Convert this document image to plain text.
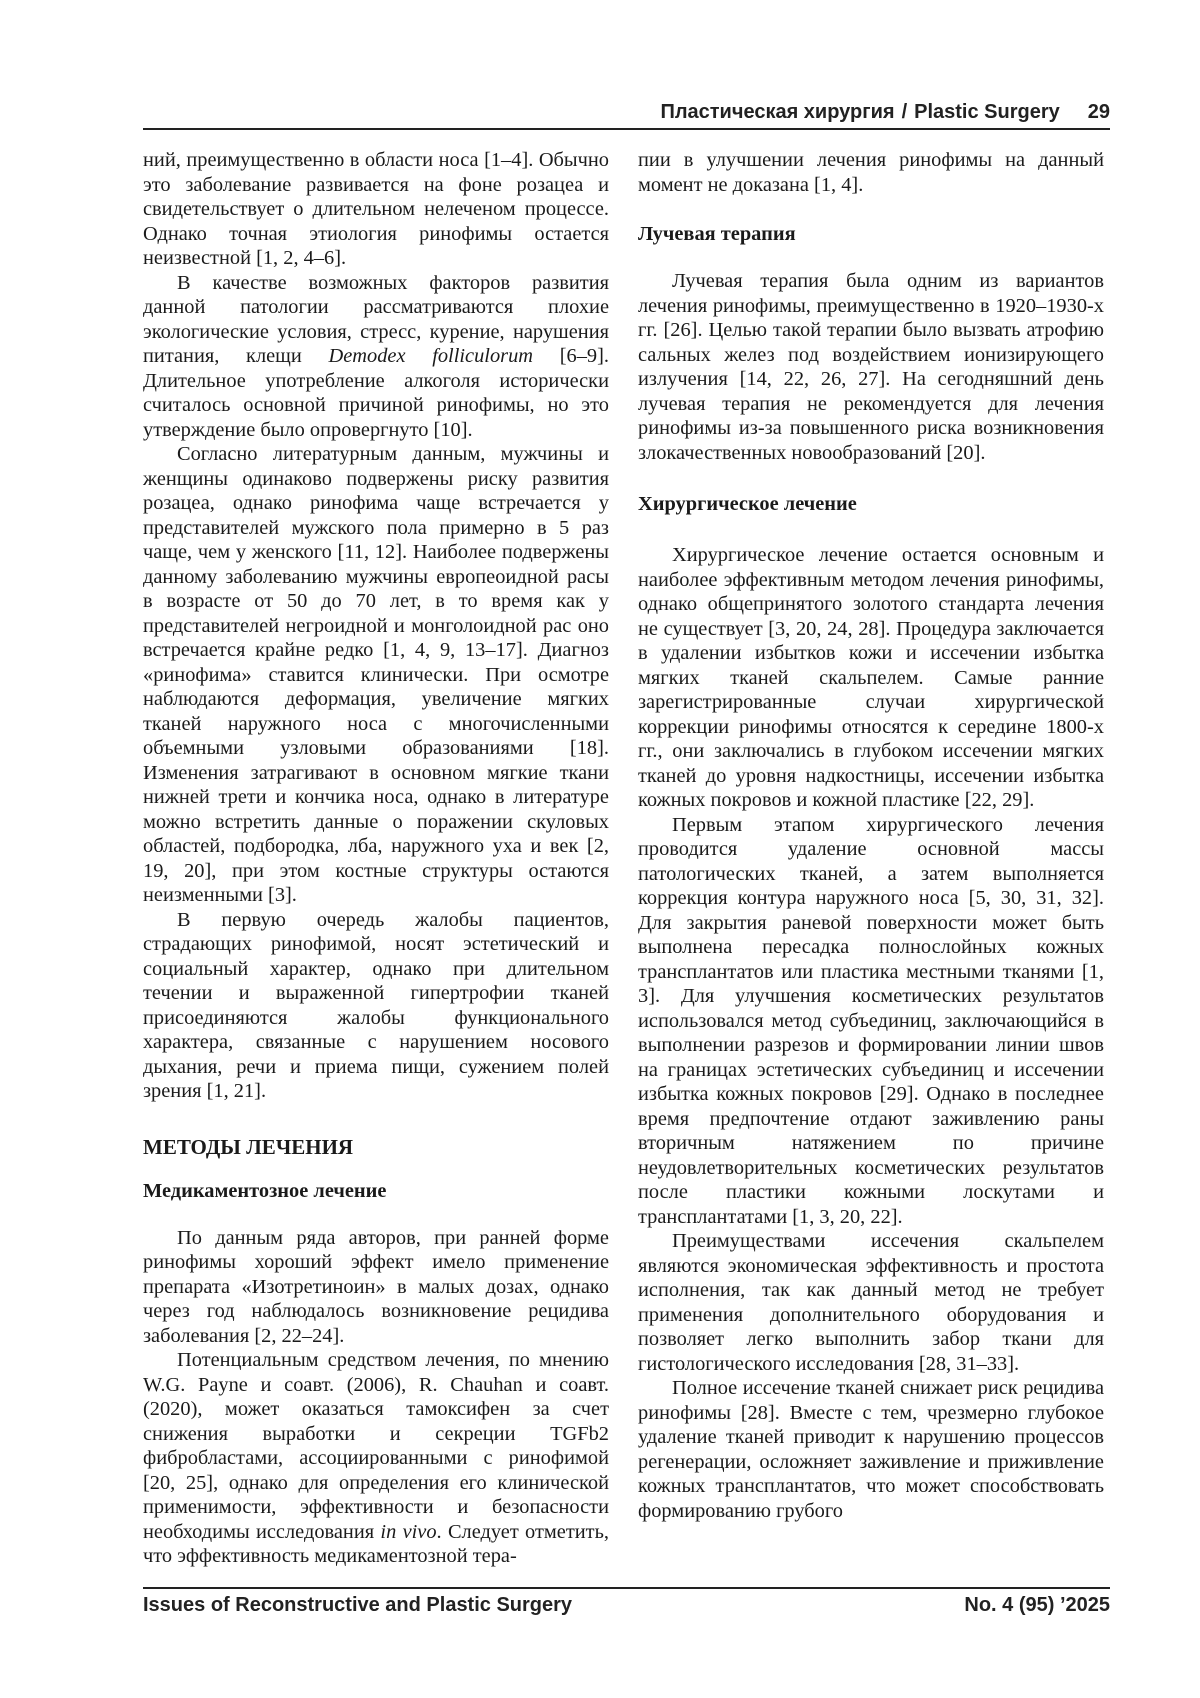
Пластическая хирургия / Plastic Surgery 29

ний, преимущественно в области носа [1–4]. Обычно это заболевание развивается на фоне розацеа и свидетельствует о длительном нелеченом процессе. Однако точная этиология ринофимы остается неизвестной [1, 2, 4–6].

В качестве возможных факторов развития данной патологии рассматриваются плохие экологические условия, стресс, курение, нарушения питания, клещи Demodex folliculorum [6–9]. Длительное употребление алкоголя исторически считалось основной причиной ринофимы, но это утверждение было опровергнуто [10].

Согласно литературным данным, мужчины и женщины одинаково подвержены риску развития розацеа, однако ринофима чаще встречается у представителей мужского пола примерно в 5 раз чаще, чем у женского [11, 12]. Наиболее подвержены данному заболеванию мужчины европеоидной расы в возрасте от 50 до 70 лет, в то время как у представителей негроидной и монголоидной рас оно встречается крайне редко [1, 4, 9, 13–17]. Диагноз «ринофима» ставится клинически. При осмотре наблюдаются деформация, увеличение мягких тканей наружного носа с многочисленными объемными узловыми образованиями [18]. Изменения затрагивают в основном мягкие ткани нижней трети и кончика носа, однако в литературе можно встретить данные о поражении скуловых областей, подбородка, лба, наружного уха и век [2, 19, 20], при этом костные структуры остаются неизменными [3].

В первую очередь жалобы пациентов, страдающих ринофимой, носят эстетический и социальный характер, однако при длительном течении и выраженной гипертрофии тканей присоединяются жалобы функционального характера, связанные с нарушением носового дыхания, речи и приема пищи, сужением полей зрения [1, 21].

МЕТОДЫ ЛЕЧЕНИЯ
Медикаментозное лечение

По данным ряда авторов, при ранней форме ринофимы хороший эффект имело применение препарата «Изотретиноин» в малых дозах, однако через год наблюдалось возникновение рецидива заболевания [2, 22–24].

Потенциальным средством лечения, по мнению W.G. Payne и соавт. (2006), R. Chauhan и соавт. (2020), может оказаться тамоксифен за счет снижения выработки и секреции TGFb2 фибробластами, ассоциированными с ринофимой [20, 25], однако для определения его клинической применимости, эффективности и безопасности необходимы исследования in vivo. Следует отметить, что эффективность медикаментозной тера-

пии в улучшении лечения ринофимы на данный момент не доказана [1, 4].

Лучевая терапия

Лучевая терапия была одним из вариантов лечения ринофимы, преимущественно в 1920–1930-х гг. [26]. Целью такой терапии было вызвать атрофию сальных желез под воздействием ионизирующего излучения [14, 22, 26, 27]. На сегодняшний день лучевая терапия не рекомендуется для лечения ринофимы из-за повышенного риска возникновения злокачественных новообразований [20].

Хирургическое лечение

Хирургическое лечение остается основным и наиболее эффективным методом лечения ринофимы, однако общепринятого золотого стандарта лечения не существует [3, 20, 24, 28]. Процедура заключается в удалении избытков кожи и иссечении избытка мягких тканей скальпелем. Самые ранние зарегистрированные случаи хирургической коррекции ринофимы относятся к середине 1800-х гг., они заключались в глубоком иссечении мягких тканей до уровня надкостницы, иссечении избытка кожных покровов и кожной пластике [22, 29].

Первым этапом хирургического лечения проводится удаление основной массы патологических тканей, а затем выполняется коррекция контура наружного носа [5, 30, 31, 32]. Для закрытия раневой поверхности может быть выполнена пересадка полнослойных кожных трансплантатов или пластика местными тканями [1, 3]. Для улучшения косметических результатов использовался метод субъединиц, заключающийся в выполнении разрезов и формировании линии швов на границах эстетических субъединиц и иссечении избытка кожных покровов [29]. Однако в последнее время предпочтение отдают заживлению раны вторичным натяжением по причине неудовлетворительных косметических результатов после пластики кожными лоскутами и трансплантатами [1, 3, 20, 22].

Преимуществами иссечения скальпелем являются экономическая эффективность и простота исполнения, так как данный метод не требует применения дополнительного оборудования и позволяет легко выполнить забор ткани для гистологического исследования [28, 31–33].

Полное иссечение тканей снижает риск рецидива ринофимы [28]. Вместе с тем, чрезмерно глубокое удаление тканей приводит к нарушению процессов регенерации, осложняет заживление и приживление кожных трансплантатов, что может способствовать формированию грубого

Issues of Reconstructive and Plastic Surgery	No. 4 (95) ’2025
